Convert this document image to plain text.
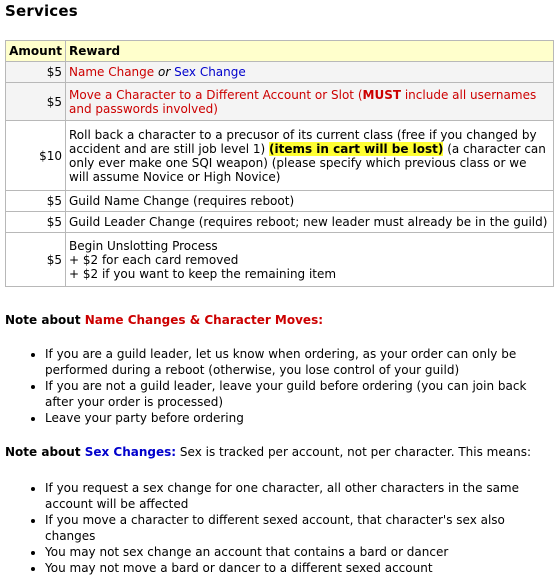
Services
Amount	Reward
$5	Name Change or Sex Change
$5	Move a Character to a Different Account or Slot (MUST include all usernames and passwords involved)
$10	Roll back a character to a precusor of its current class (free if you changed by accident and are still job level 1) (items in cart will be lost) (a character can only ever make one SQI weapon) (please specify which previous class or we will assume Novice or High Novice)
$5	Guild Name Change (requires reboot)
$5	Guild Leader Change (requires reboot; new leader must already be in the guild)
$5	Begin Unslotting Process
+ $2 for each card removed
+ $2 if you want to keep the remaining item
Note about Name Changes & Character Moves:
• If you are a guild leader, let us know when ordering, as your order can only be performed during a reboot (otherwise, you lose control of your guild)
• If you are not a guild leader, leave your guild before ordering (you can join back after your order is processed)
• Leave your party before ordering
Note about Sex Changes: Sex is tracked per account, not per character. This means:
• If you request a sex change for one character, all other characters in the same account will be affected
• If you move a character to different sexed account, that character's sex also changes
• You may not sex change an account that contains a bard or dancer
• You may not move a bard or dancer to a different sexed account
